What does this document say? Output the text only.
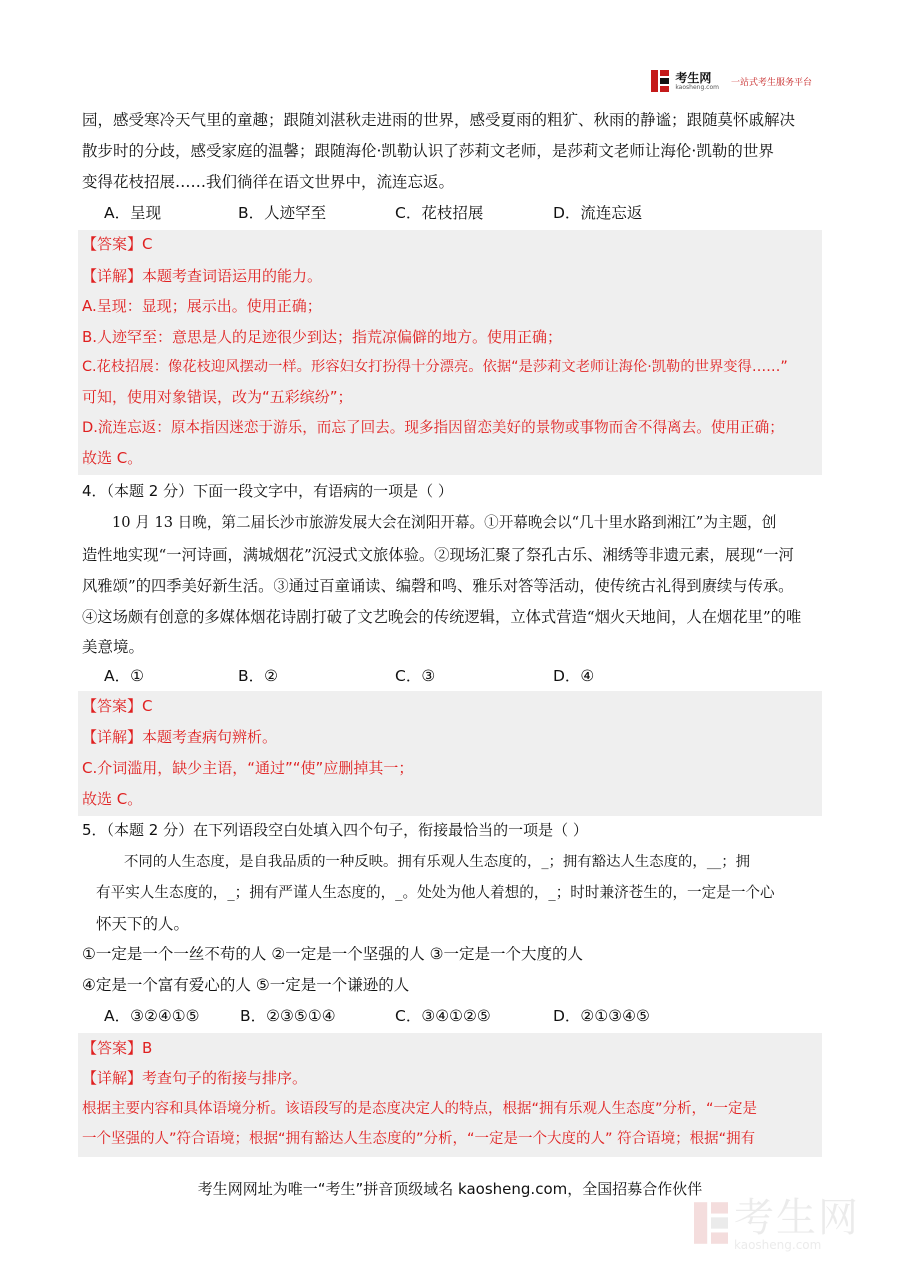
考生网
kaosheng.com 一站式考生服务平台
园，感受寒冷天气里的童趣；跟随刘湛秋走进雨的世界，感受夏雨的粗犷、秋雨的静谧；跟随莫怀戚解决
散步时的分歧，感受家庭的温馨；跟随海伦·凯勒认识了莎莉文老师，是莎莉文老师让海伦·凯勒的世界
变得花枝招展……我们徜徉在语文世界中，流连忘返。
A．呈现	B．人迹罕至	C．花枝招展	D．流连忘返
【答案】C
【详解】本题考查词语运用的能力。
A.呈现：显现；展示出。使用正确；
B.人迹罕至：意思是人的足迹很少到达；指荒凉偏僻的地方。使用正确；
C.花枝招展：像花枝迎风摆动一样。形容妇女打扮得十分漂亮。依据“是莎莉文老师让海伦·凯勒的世界变得……”
可知，使用对象错误，改为“五彩缤纷”；
D.流连忘返：原本指因迷恋于游乐，而忘了回去。现多指因留恋美好的景物或事物而舍不得离去。使用正确；
故选 C。
4．（本题 2 分）下面一段文字中，有语病的一项是（ ）
10 月 13 日晚，第二届长沙市旅游发展大会在浏阳开幕。①开幕晚会以“几十里水路到湘江”为主题，创
造性地实现“一河诗画，满城烟花”沉浸式文旅体验。②现场汇聚了祭孔古乐、湘绣等非遗元素，展现“一河
风雅颂”的四季美好新生活。③通过百童诵读、编磬和鸣、雅乐对答等活动，使传统古礼得到赓续与传承。
④这场颇有创意的多媒体烟花诗剧打破了文艺晚会的传统逻辑，立体式营造“烟火天地间，人在烟花里”的唯
美意境。
A．①	B．②	C．③	D．④
【答案】C
【详解】本题考查病句辨析。
C.介词滥用，缺少主语，“通过”“使”应删掉其一；
故选 C。
5．（本题 2 分）在下列语段空白处填入四个句子，衔接最恰当的一项是（ ）
不同的人生态度，是自我品质的一种反映。拥有乐观人生态度的，_；拥有豁达人生态度的，__；拥
有平实人生态度的，_；拥有严谨人生态度的，_。处处为他人着想的，_；时时兼济苍生的，一定是一个心
怀天下的人。
①一定是一个一丝不苟的人 ②一定是一个坚强的人 ③一定是一个大度的人
④定是一个富有爱心的人 ⑤一定是一个谦逊的人
A．③②④①⑤	B．②③⑤①④	C．③④①②⑤	D．②①③④⑤
【答案】B
【详解】考查句子的衔接与排序。
根据主要内容和具体语境分析。该语段写的是态度决定人的特点，根据“拥有乐观人生态度”分析，“一定是
一个坚强的人”符合语境；根据“拥有豁达人生态度的”分析，“一定是一个大度的人” 符合语境；根据“拥有
考生网网址为唯一“考生”拼音顶级域名 kaosheng.com，全国招募合作伙伴
考生网
kaosheng.com
